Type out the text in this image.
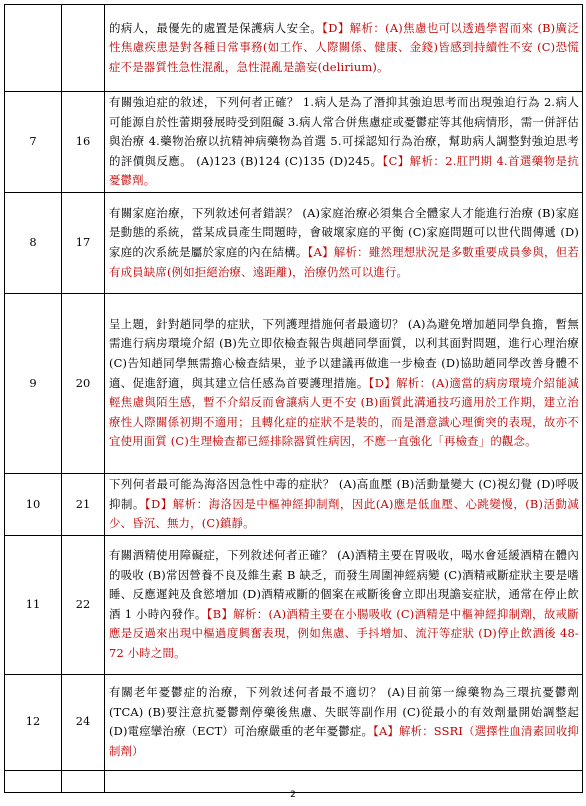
		的病人，最優先的處置是保護病人安全。【D】解析：(A)焦慮也可以透過學習而來 (B)廣泛性焦慮疾患是對各種日常事務(如工作、人際關係、健康、金錢)皆感到持續性不安 (C)恐慌症不是器質性急性混亂，急性混亂是譫妄(delirium)。
7	16	有關強迫症的敘述，下列何者正確？ 1.病人是為了潛抑其強迫思考而出現強迫行為 2.病人可能源自於性蕾期發展時受到阻礙 3.病人常合併焦慮症或憂鬱症等其他病情形，需一併評估與治療 4.藥物治療以抗精神病藥物為首選 5.可採認知行為治療，幫助病人調整對強迫思考的評價與反應。 (A)123 (B)124 (C)135 (D)245。【C】解析：2.肛門期 4.首選藥物是抗憂鬱劑。
8	17	有關家庭治療，下列敘述何者錯誤？ (A)家庭治療必須集合全體家人才能進行治療 (B)家庭是動態的系統，當某成員產生問題時，會破壞家庭的平衡 (C)家庭問題可以世代間傳遞 (D)家庭的次系統是屬於家庭的內在結構。【A】解析：雖然理想狀況是多數重要成員參與，但若有成員缺席(例如拒絕治療、遠距離)，治療仍然可以進行。
9	20	呈上題，針對趙同學的症狀，下列護理措施何者最適切？ (A)為避免增加趙同學負擔，暫無需進行病房環境介紹 (B)先立即依檢查報告與趙同學面質，以利其面對問題，進行心理治療 (C)告知趙同學無需擔心檢查結果，並予以建議再做進一步檢查 (D)協助趙同學改善身體不適、促進舒適，與其建立信任感為首要護理措施。【D】解析：(A)適當的病房環境介紹能減輕焦慮與陌生感，暫不介紹反而會讓病人更不安 (B)面質此溝通技巧適用於工作期，建立治療性人際關係初期不適用；且轉化症的症狀不是裝的，而是潛意識心理衝突的表現，故亦不宜使用面質 (C)生理檢查都已經排除器質性病因，不應一直強化「再檢查」的觀念。
10	21	下列何者最可能為海洛因急性中毒的症狀？ (A)高血壓 (B)活動量變大 (C)視幻覺 (D)呼吸抑制。【D】解析：海洛因是中樞神經抑制劑，因此(A)應是低血壓、心跳變慢，(B)活動減少、昏沉、無力，(C)鎮靜。
11	22	有關酒精使用障礙症，下列敘述何者正確？ (A)酒精主要在胃吸收，喝水會延緩酒精在體內的吸收 (B)常因營養不良及維生素 B 缺乏，而發生周圍神經病變 (C)酒精戒斷症狀主要是嗜睡、反應遲鈍及食慾增加 (D)酒精戒斷的個案在戒斷後會立即出現譫妄症狀，通常在停止飲酒 1 小時內發作。【B】解析：(A)酒精主要在小腸吸收 (C)酒精是中樞神經抑制劑，故戒斷應是反過來出現中樞過度興奮表現，例如焦慮、手抖增加、流汗等症狀 (D)停止飲酒後 48-72 小時之間。
12	24	有關老年憂鬱症的治療，下列敘述何者最不適切？ (A)目前第一線藥物為三環抗憂鬱劑(TCA) (B)要注意抗憂鬱劑停藥後焦慮、失眠等副作用 (C)從最小的有效劑量開始調整起 (D)電痙攣治療（ECT）可治療嚴重的老年憂鬱症。【A】解析：SSRI（選擇性血清素回收抑制劑）

2
